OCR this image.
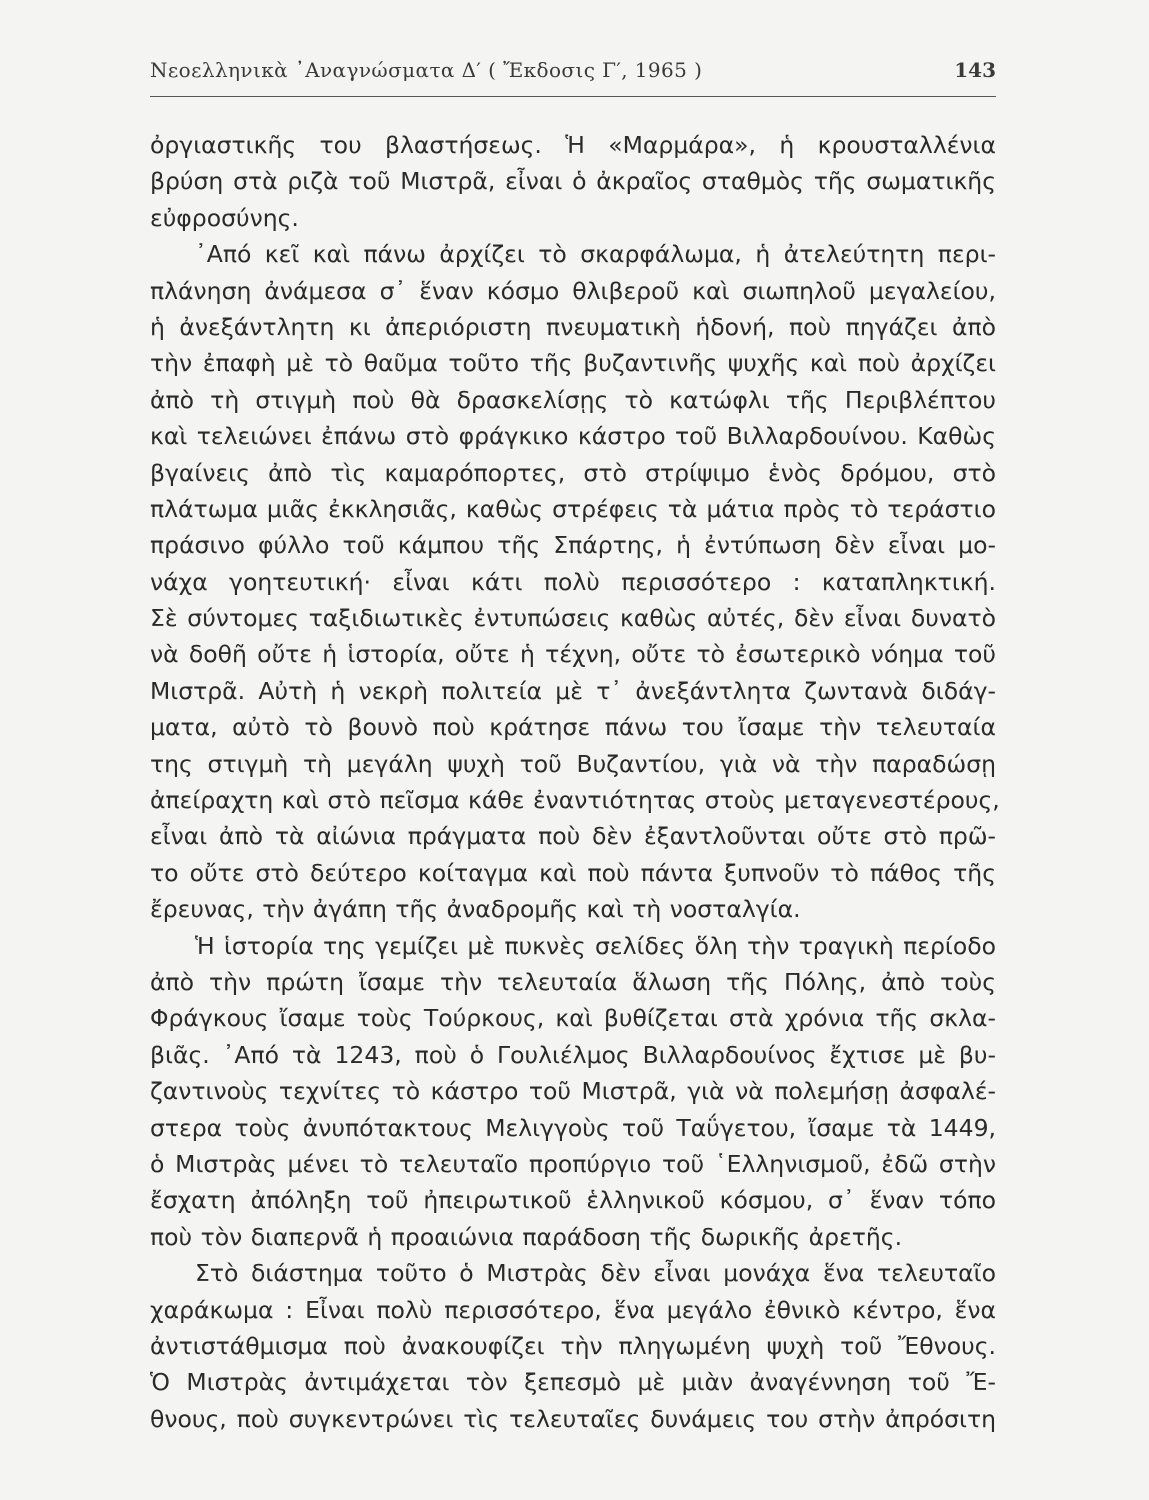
Νεοελληνικὰ ᾿Αναγνώσματα Δ′ ( Ἔκδοσις Γ′, 1965 )	143
ὀργιαστικῆς του βλαστήσεως. Ἡ «Μαρμάρα», ἡ κρουσταλλένια
βρύση στὰ ριζὰ τοῦ Μιστρᾶ, εἶναι ὁ ἀκραῖος σταθμὸς τῆς σωματικῆς
εὐφροσύνης.
᾿Από κεῖ καὶ πάνω ἀρχίζει τὸ σκαρφάλωμα, ἡ ἀτελεύτητη περι-
πλάνηση ἀνάμεσα σ᾿ ἕναν κόσμο θλιβεροῦ καὶ σιωπηλοῦ μεγαλείου,
ἡ ἀνεξάντλητη κι ἀπεριόριστη πνευματικὴ ἡδονή, ποὺ πηγάζει ἀπὸ
τὴν ἐπαφὴ μὲ τὸ θαῦμα τοῦτο τῆς βυζαντινῆς ψυχῆς καὶ ποὺ ἀρχίζει
ἀπὸ τὴ στιγμὴ ποὺ θὰ δρασκελίσῃς τὸ κατώφλι τῆς Περιβλέπτου
καὶ τελειώνει ἐπάνω στὸ φράγκικο κάστρο τοῦ Βιλλαρδουίνου. Καθὼς
βγαίνεις ἀπὸ τὶς καμαρόπορτες, στὸ στρίψιμο ἑνὸς δρόμου, στὸ
πλάτωμα μιᾶς ἐκκλησιᾶς, καθὼς στρέφεις τὰ μάτια πρὸς τὸ τεράστιο
πράσινο φύλλο τοῦ κάμπου τῆς Σπάρτης, ἡ ἐντύπωση δὲν εἶναι μο-
νάχα γοητευτική· εἶναι κάτι πολὺ περισσότερο : καταπληκτική.
Σὲ σύντομες ταξιδιωτικὲς ἐντυπώσεις καθὼς αὐτές, δὲν εἶναι δυνατὸ
νὰ δοθῆ οὔτε ἡ ἱστορία, οὔτε ἡ τέχνη, οὔτε τὸ ἐσωτερικὸ νόημα τοῦ
Μιστρᾶ. Αὐτὴ ἡ νεκρὴ πολιτεία μὲ τ᾿ ἀνεξάντλητα ζωντανὰ διδάγ-
ματα, αὐτὸ τὸ βουνὸ ποὺ κράτησε πάνω του ἴσαμε τὴν τελευταία
της στιγμὴ τὴ μεγάλη ψυχὴ τοῦ Βυζαντίου, γιὰ νὰ τὴν παραδώσῃ
ἀπείραχτη καὶ στὸ πεῖσμα κάθε ἐναντιότητας στοὺς μεταγενεστέρους,
εἶναι ἀπὸ τὰ αἰώνια πράγματα ποὺ δὲν ἐξαντλοῦνται οὔτε στὸ πρῶ-
το οὔτε στὸ δεύτερο κοίταγμα καὶ ποὺ πάντα ξυπνοῦν τὸ πάθος τῆς
ἔρευνας, τὴν ἀγάπη τῆς ἀναδρομῆς καὶ τὴ νοσταλγία.
Ἡ ἱστορία της γεμίζει μὲ πυκνὲς σελίδες ὅλη τὴν τραγικὴ περίοδο
ἀπὸ τὴν πρώτη ἴσαμε τὴν τελευταία ἅλωση τῆς Πόλης, ἀπὸ τοὺς
Φράγκους ἴσαμε τοὺς Τούρκους, καὶ βυθίζεται στὰ χρόνια τῆς σκλα-
βιᾶς. ᾿Από τὰ 1243, ποὺ ὁ Γουλιέλμος Βιλλαρδουίνος ἔχτισε μὲ βυ-
ζαντινοὺς τεχνίτες τὸ κάστρο τοῦ Μιστρᾶ, γιὰ νὰ πολεμήσῃ ἀσφαλέ-
στερα τοὺς ἀνυπότακτους Μελιγγοὺς τοῦ Ταΰγετου, ἴσαμε τὰ 1449,
ὁ Μιστρὰς μένει τὸ τελευταῖο προπύργιο τοῦ ῾Ελληνισμοῦ, ἐδῶ στὴν
ἔσχατη ἀπόληξη τοῦ ἠπειρωτικοῦ ἑλληνικοῦ κόσμου, σ᾿ ἕναν τόπο
ποὺ τὸν διαπερνᾶ ἡ προαιώνια παράδοση τῆς δωρικῆς ἀρετῆς.
Στὸ διάστημα τοῦτο ὁ Μιστρὰς δὲν εἶναι μονάχα ἕνα τελευταῖο
χαράκωμα : Εἶναι πολὺ περισσότερο, ἕνα μεγάλο ἐθνικὸ κέντρο, ἕνα
ἀντιστάθμισμα ποὺ ἀνακουφίζει τὴν πληγωμένη ψυχὴ τοῦ Ἔθνους.
Ὁ Μιστρὰς ἀντιμάχεται τὸν ξεπεσμὸ μὲ μιὰν ἀναγέννηση τοῦ Ἔ-
θνους, ποὺ συγκεντρώνει τὶς τελευταῖες δυνάμεις του στὴν ἀπρόσιτη
